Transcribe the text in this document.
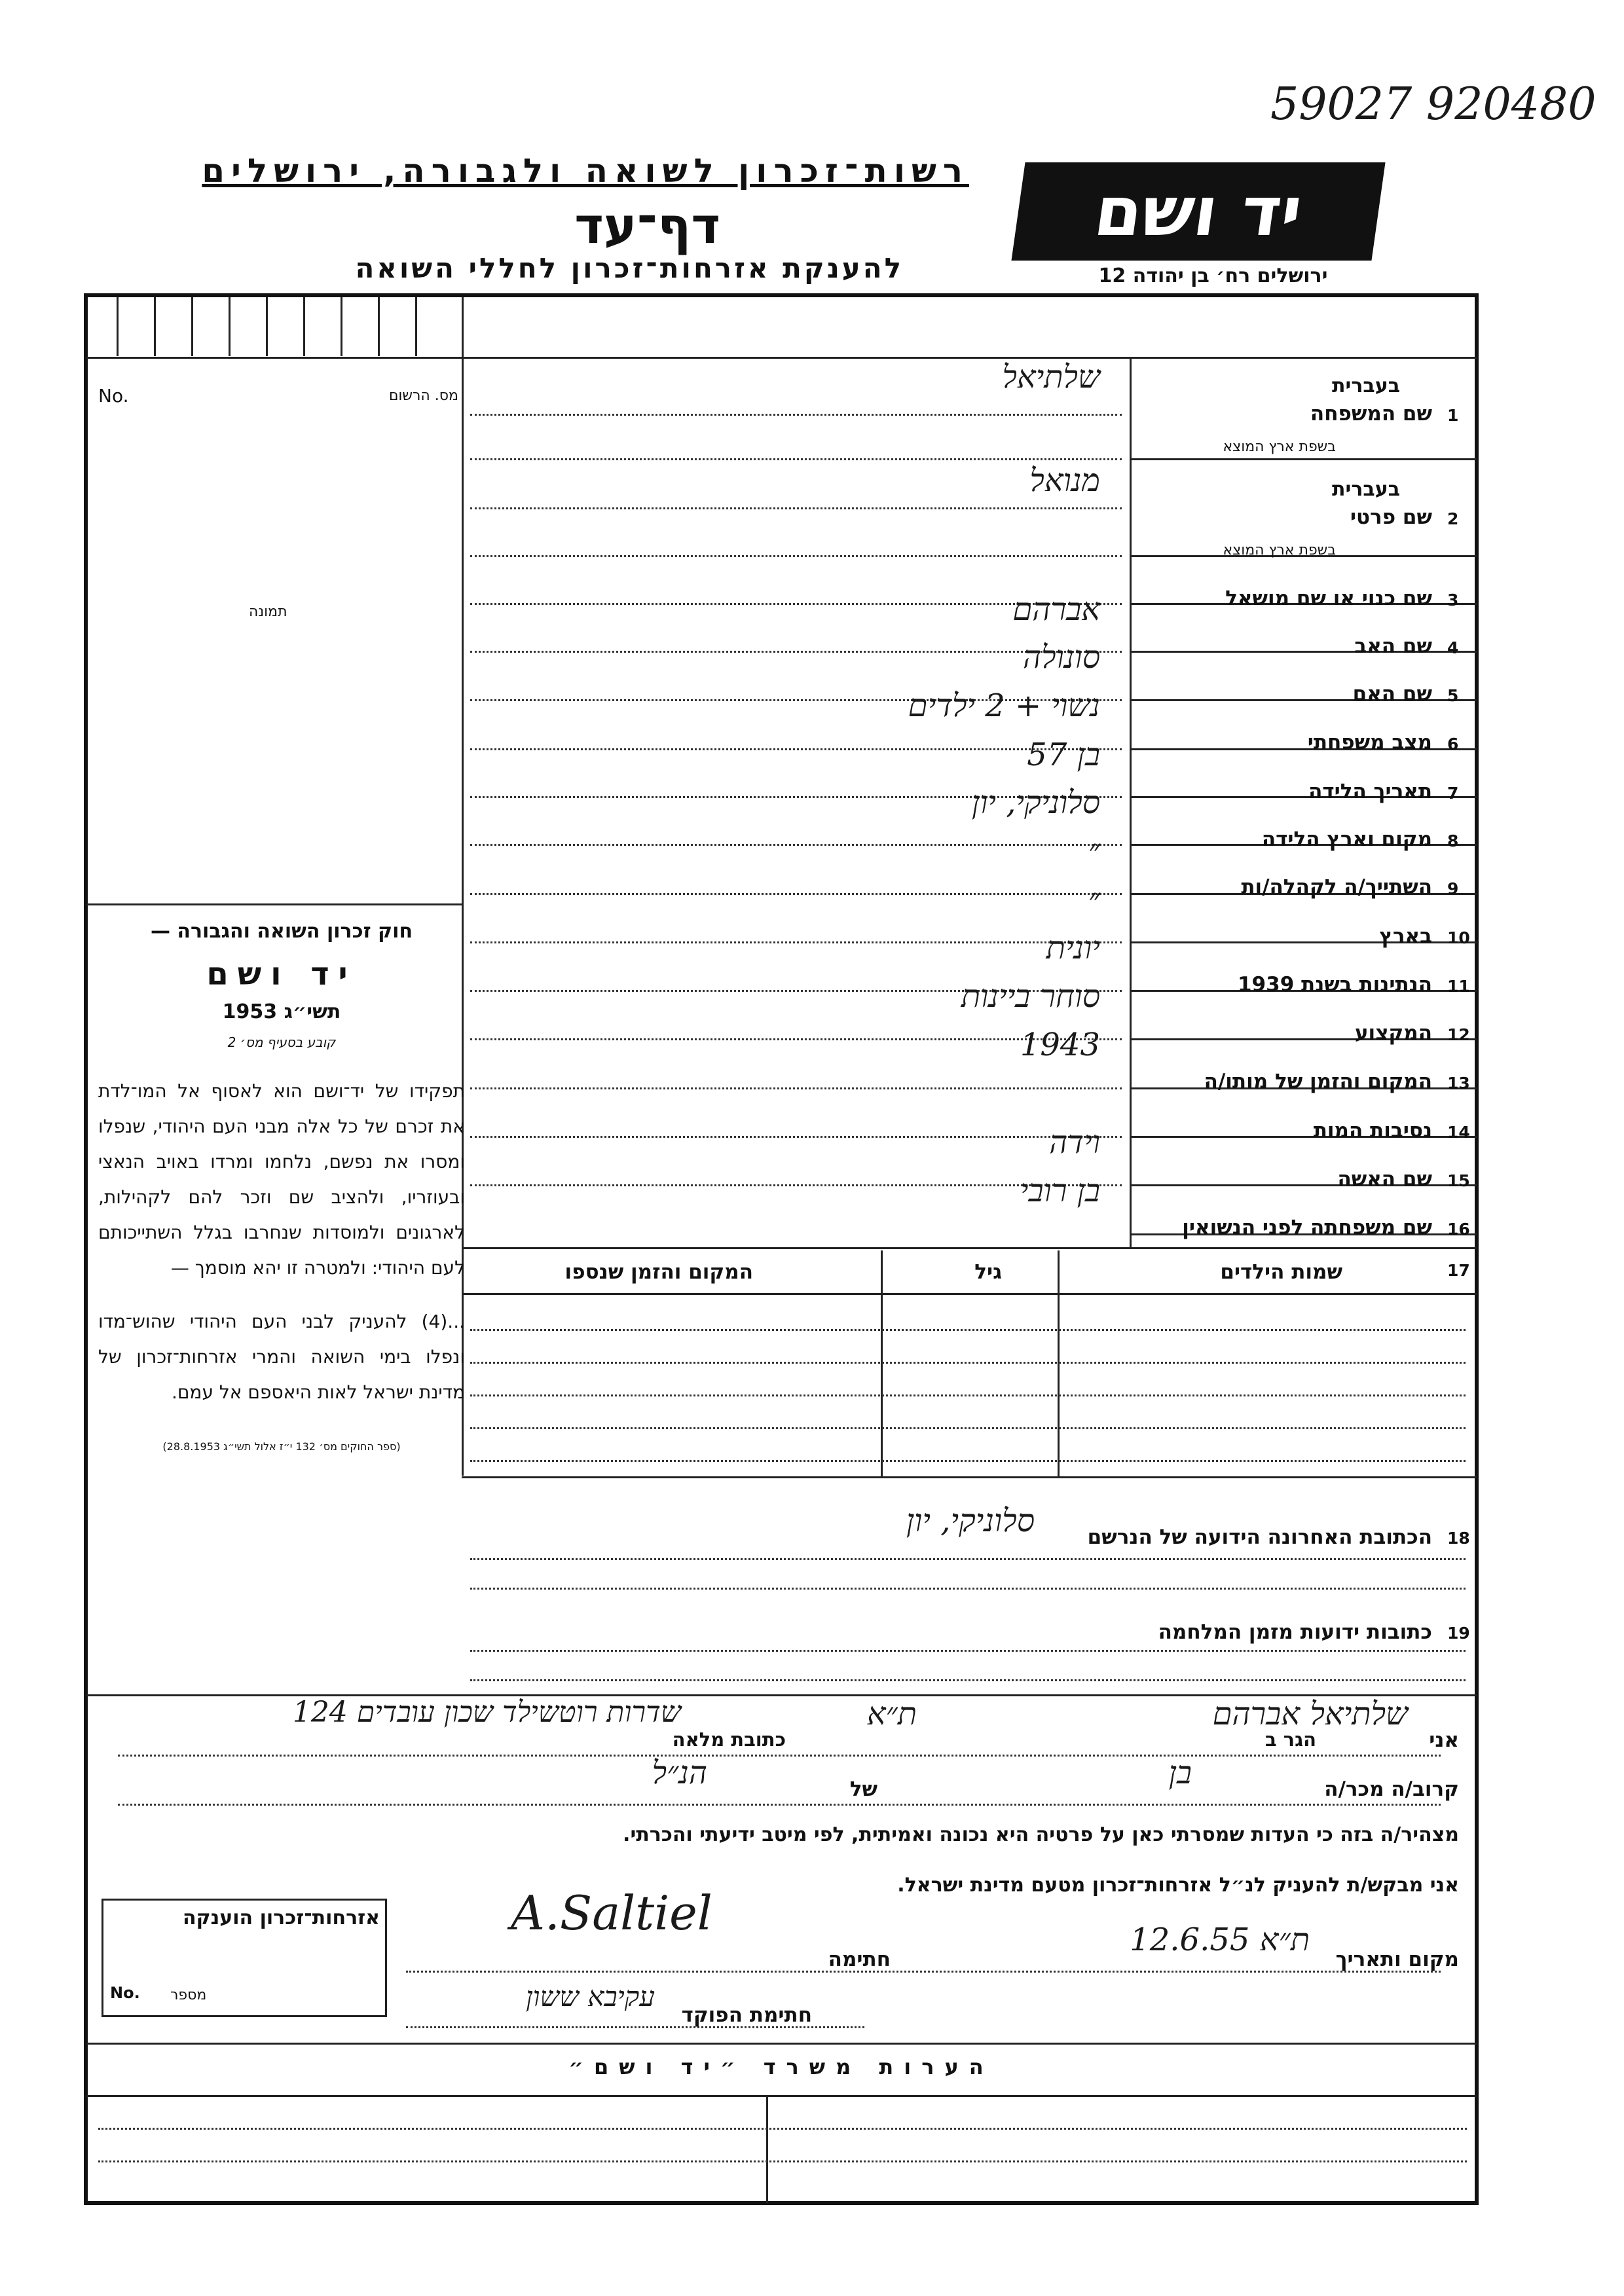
59027 920480
רשות־זכרון לשואה ולגבורה, ירושלים
דף־עד
להענקת אזרחות־זכרון לחללי השואה
יד ושם
ירושלים רח׳ בן יהודה 12
מס. הרשום
No.
תמונה
חוק זכרון השואה והגבורה —
יד ושם
תשי״ג 1953
קובע בסעיף מס׳ 2
תפקידו של יד־ושם הוא לאסוף אל המו־לדת את זכרם של כל אלה מבני העם היהודי, שנפלו ומסרו את נפשם, נלחמו ומרדו באויב הנאצי ובעוזריו, ולהציב שם וזכר להם לקהילות, לארגונים ולמוסדות שנחרבו בגלל השתייכותם לעם היהודי: ולמטרה זו יהא מוסמך —
...(4) להעניק לבני העם היהודי שהוש־מדו ונפלו בימי השואה והמרי אזרחות־זכרון של מדינת ישראל לאות היאספם אל עמם.
(ספר החוקים מס׳ 132 י״ז אלול תשי״ג 28.8.1953)
1
שם המשפחה
בעברית
בשפת ארץ המוצא
שלתיאל
2
שם פרטי
בעברית
בשפת ארץ המוצא
מנואל
3
שם כנוי או שם מושאל
4
שם האב
אברהם
5
שם האם
סונולה
6
מצב משפחתי
נשוי + 2 ילדים
7
תאריך הלידה
בן 57
8
מקום וארץ הלידה
סלוניקי, יון
9
השתייך/ה לקהלה/ות
״
10
בארץ
״
11
הנתינות בשנת 1939
יונית
12
המקצוע
סוחר ביינות
13
המקום והזמן של מותו/ה
1943
14
נסיבות המות
15
שם האשה
וידה
16
שם משפחתה לפני הנשואין
בן רובי
17
שמות הילדים
גיל
המקום והזמן שנספו
18
הכתובת האחרונה הידועה של הנרשם
סלוניקי, יון
19
כתובות ידועות מזמן המלחמה
אני
שלתיאל אברהם
הגר ב
ת״א
כתובת מלאה
שדרות רוטשילד שכון עובדים 124
קרוב/ה מכר/ה
בן
של
הנ״ל
מצהיר/ה בזה כי העדות שמסרתי כאן על פרטיה היא נכונה ואמיתית, לפי מיטב ידיעתי והכרתי.
אני מבקש/ת להעניק לנ״ל אזרחות־זכרון מטעם מדינת ישראל.
מקום ותאריך
ת״א 12.6.55
חתימה
A.Saltiel
חתימת הפוקד
עקיבא ששון
אזרחות־זכרון הוענקה
מספר
No.
הערות משרד ״יד ושם״
